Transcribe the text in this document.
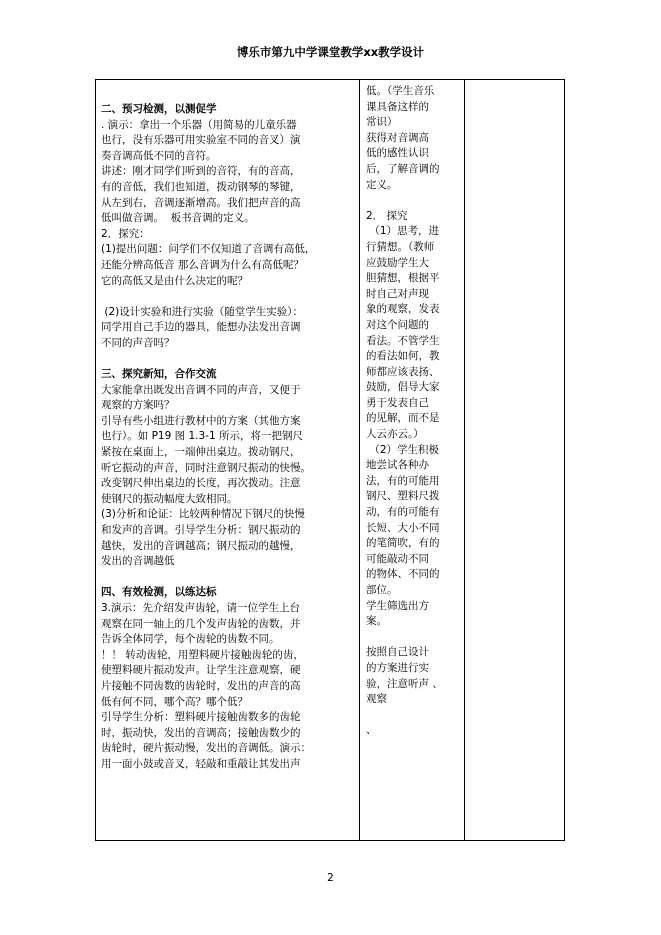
博乐市第九中学课堂教学xx教学设计

二、预习检测，以测促学

. 演示：拿出一个乐器（用简易的儿童乐器

也行，没有乐器可用实验室不同的音叉）演

奏音调高低不同的音符。

讲述：刚才同学们听到的音符，有的音高，

有的音低，我们也知道，拨动钢琴的琴键，

从左到右，音调逐渐增高。我们把声音的高

低叫做音调。  板书音调的定义。

2．探究：

(1)提出问题：问学们不仅知道了音调有高低，

还能分辨高低音 那么音调为什么有高低呢？

它的高低又是由什么决定的呢？

(2)设计实验和进行实验（随堂学生实验）：

同学用自己手边的器具，能想办法发出音调

不同的声音吗？

三、探究新知，合作交流

大家能拿出既发出音调不同的声音，又便于

观察的方案吗？

引导有些小组进行教材中的方案（其他方案

也行）。如 P19 图 1.3-1 所示，将一把钢尺

紧按在桌面上，一端伸出桌边。拨动钢尺，

听它振动的声音，同时注意钢尺振动的快慢。

改变钢尺伸出桌边的长度，再次拨动。注意

使钢尺的振动幅度大致相同。

(3)分析和论证：比较两种情况下钢尺的快慢

和发声的音调。引导学生分析：钢尺振动的

越快，发出的音调越高；钢尺振动的越慢，

发出的音调越低

四、有效检测，以练达标

3.演示：先介绍发声齿轮，请一位学生上台

观察在同一轴上的几个发声齿轮的齿数，并

告诉全体同学，每个齿轮的齿数不同。

！！ 转动齿轮，用塑料硬片接触齿轮的齿，

使塑料硬片振动发声。让学生注意观察，硬

片接触不同齿数的齿轮时，发出的声音的高

低有何不同，哪个高？哪个低？

引导学生分析：塑料硬片接触齿数多的齿轮

时，振动快，发出的音调高；接触齿数少的

齿轮时，硬片振动慢，发出的音调低。演示：

用一面小鼓或音叉，轻敲和重敲让其发出声

低。（学生音乐

课具备这样的

常识）

获得对音调高

低的感性认识

后，了解音调的

定义。

2． 探究

（1）思考，进

行猜想。（教师

应鼓励学生大

胆猜想，根据平

时自己对声现

象的观察，发表

对这个问题的

看法。不管学生

的看法如何，教

师都应该表扬、

鼓励，倡导大家

勇于发表自己

的见解，而不是

人云亦云。）

（2）学生积极

地尝试各种办

法，有的可能用

钢尺、塑料尺拨

动，有的可能有

长短、大小不同

的笔简吹，有的

可能敲动不同

的物体、不同的

部位。

学生筛选出方

案。

按照自己设计

的方案进行实

验，注意听声 、

观察

、

2
